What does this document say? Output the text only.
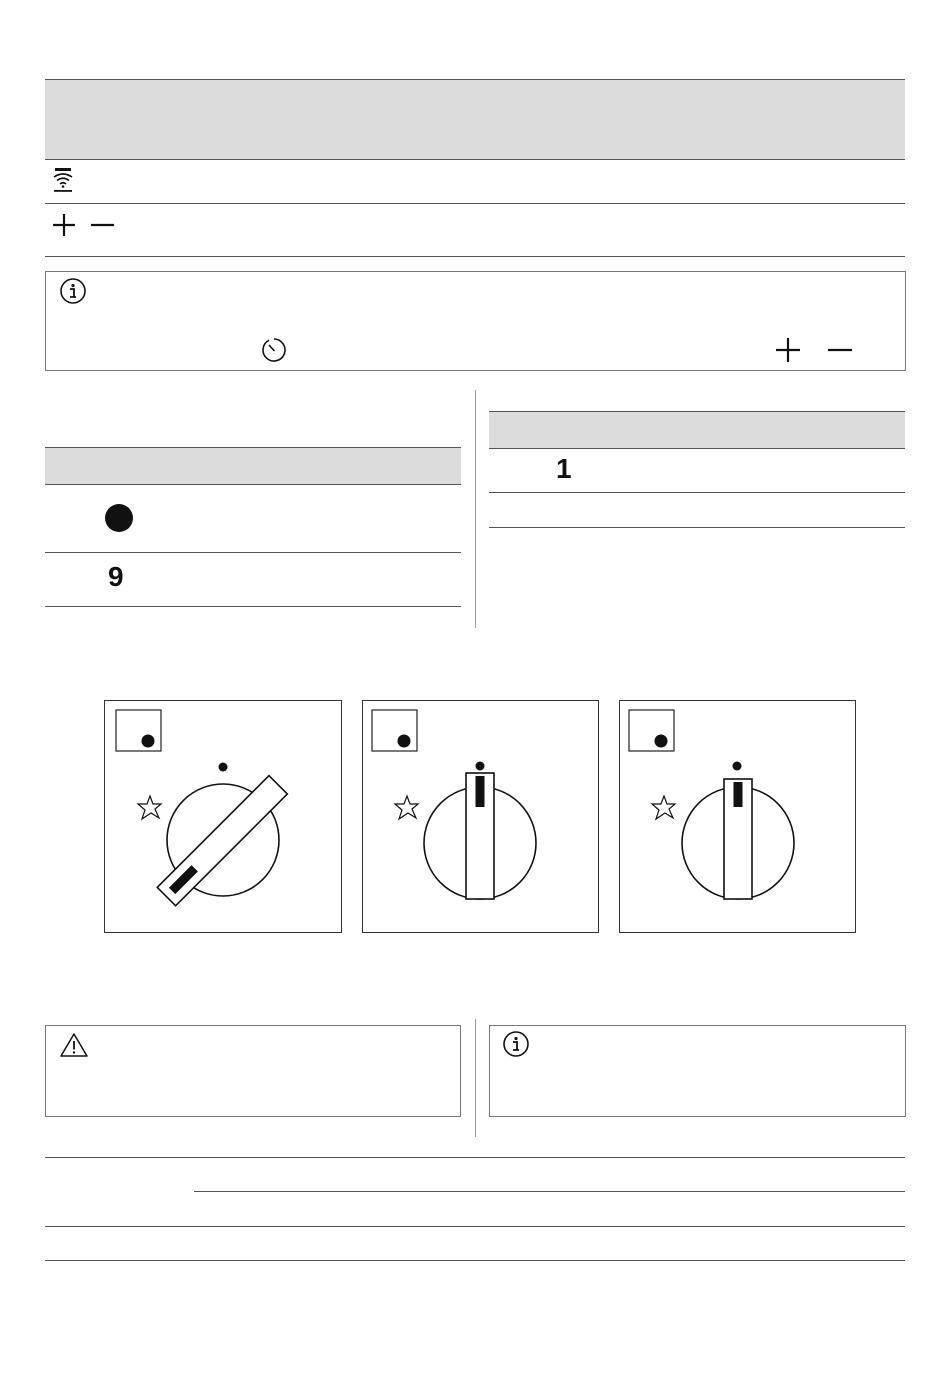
9
1
